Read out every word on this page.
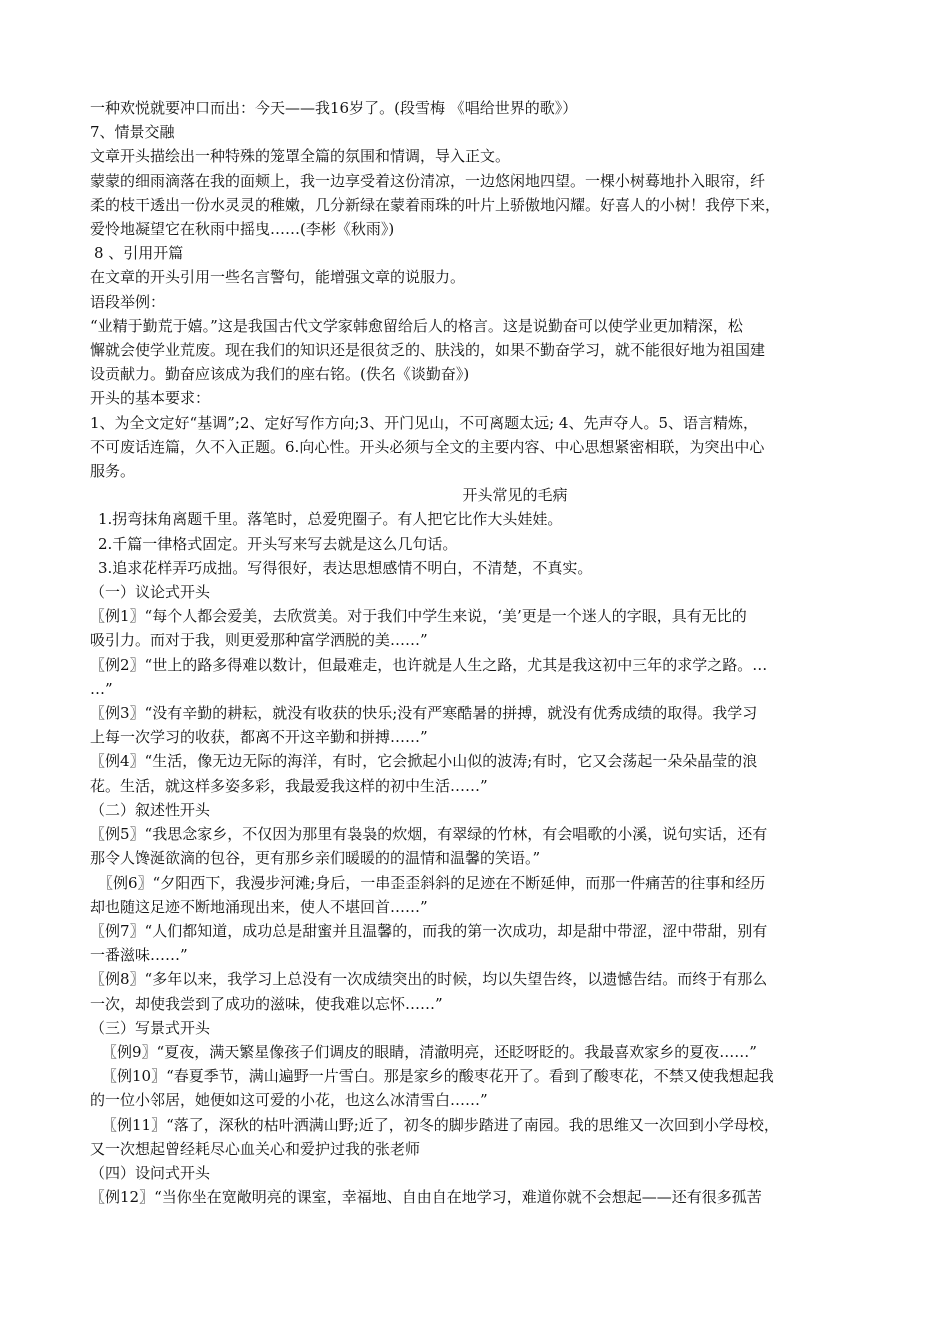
一种欢悦就要冲口而出：今天——我16岁了。(段雪梅 《唱给世界的歌》）

7、情景交融

文章开头描绘出一种特殊的笼罩全篇的氛围和情调，导入正文。

蒙蒙的细雨滴落在我的面颊上，我一边享受着这份清凉，一边悠闲地四望。一棵小树蓦地扑入眼帘，纤

柔的枝干透出一份水灵灵的稚嫩，几分新绿在蒙着雨珠的叶片上骄傲地闪耀。好喜人的小树！我停下来，

爱怜地凝望它在秋雨中摇曳……(李彬《秋雨》)

8 、引用开篇

在文章的开头引用一些名言警句，能增强文章的说服力。

语段举例：

“业精于勤荒于嬉。”这是我国古代文学家韩愈留给后人的格言。这是说勤奋可以使学业更加精深，松

懈就会使学业荒废。现在我们的知识还是很贫乏的、肤浅的，如果不勤奋学习，就不能很好地为祖国建

设贡献力。勤奋应该成为我们的座右铭。(佚名《谈勤奋》)

开头的基本要求：

1、为全文定好“基调”;2、定好写作方向;3、开门见山，不可离题太远; 4、先声夺人。5、语言精炼，

不可废话连篇，久不入正题。6.向心性。开头必须与全文的主要内容、中心思想紧密相联，为突出中心

服务。

开头常见的毛病

1.拐弯抹角离题千里。落笔时，总爱兜圈子。有人把它比作大头娃娃。

2.千篇一律格式固定。开头写来写去就是这么几句话。

3.追求花样弄巧成拙。写得很好，表达思想感情不明白，不清楚，不真实。

（一）议论式开头

〖例1〗“每个人都会爱美，去欣赏美。对于我们中学生来说，‘美’更是一个迷人的字眼，具有无比的

吸引力。而对于我，则更爱那种富学洒脱的美……”

〖例2〗“世上的路多得难以数计，但最难走，也许就是人生之路，尤其是我这初中三年的求学之路。…

…”

〖例3〗“没有辛勤的耕耘，就没有收获的快乐;没有严寒酷暑的拼搏，就没有优秀成绩的取得。我学习

上每一次学习的收获，都离不开这辛勤和拼搏……”

〖例4〗“生活，像无边无际的海洋，有时，它会掀起小山似的波涛;有时，它又会荡起一朵朵晶莹的浪

花。生活，就这样多姿多彩，我最爱我这样的初中生活……”

（二）叙述性开头

〖例5〗“我思念家乡，不仅因为那里有袅袅的炊烟，有翠绿的竹林，有会唱歌的小溪，说句实话，还有

那令人馋涎欲滴的包谷，更有那乡亲们暖暖的的温情和温馨的笑语。”

〖例6〗“夕阳西下，我漫步河滩;身后，一串歪歪斜斜的足迹在不断延伸，而那一件痛苦的往事和经历

却也随这足迹不断地涌现出来，使人不堪回首……”

〖例7〗“人们都知道，成功总是甜蜜并且温馨的，而我的第一次成功，却是甜中带涩，涩中带甜，别有

一番滋味……”

〖例8〗“多年以来，我学习上总没有一次成绩突出的时候，均以失望告终，以遗憾告结。而终于有那么

一次，却使我尝到了成功的滋味，使我难以忘怀……”

（三）写景式开头

〖例9〗“夏夜，满天繁星像孩子们调皮的眼睛，清澈明亮，还眨呀眨的。我最喜欢家乡的夏夜……”

〖例10〗“春夏季节，满山遍野一片雪白。那是家乡的酸枣花开了。看到了酸枣花，不禁又使我想起我

的一位小邻居，她便如这可爱的小花，也这么冰清雪白……”

〖例11〗“落了，深秋的枯叶洒满山野;近了，初冬的脚步踏进了南园。我的思维又一次回到小学母校，

又一次想起曾经耗尽心血关心和爱护过我的张老师

（四）设问式开头

〖例12〗“当你坐在宽敞明亮的课室，幸福地、自由自在地学习，难道你就不会想起——还有很多孤苦
